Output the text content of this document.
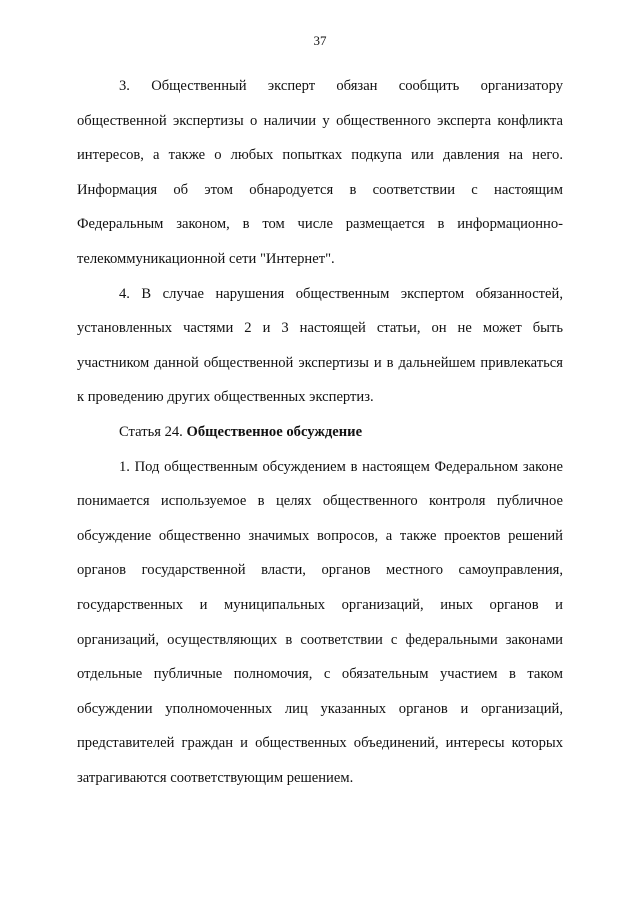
37

3. Общественный эксперт обязан сообщить организатору общественной экспертизы о наличии у общественного эксперта конфликта интересов, а также о любых попытках подкупа или давления на него. Информация об этом обнародуется в соответствии с настоящим Федеральным законом, в том числе размещается в информационно-телекоммуникационной сети "Интернет".

4. В случае нарушения общественным экспертом обязанностей, установленных частями 2 и 3 настоящей статьи, он не может быть участником данной общественной экспертизы и в дальнейшем привлекаться к проведению других общественных экспертиз.

Статья 24. Общественное обсуждение

1. Под общественным обсуждением в настоящем Федеральном законе понимается используемое в целях общественного контроля публичное обсуждение общественно значимых вопросов, а также проектов решений органов государственной власти, органов местного самоуправления, государственных и муниципальных организаций, иных органов и организаций, осуществляющих в соответствии с федеральными законами отдельные публичные полномочия, с обязательным участием в таком обсуждении уполномоченных лиц указанных органов и организаций, представителей граждан и общественных объединений, интересы которых затрагиваются соответствующим решением.
